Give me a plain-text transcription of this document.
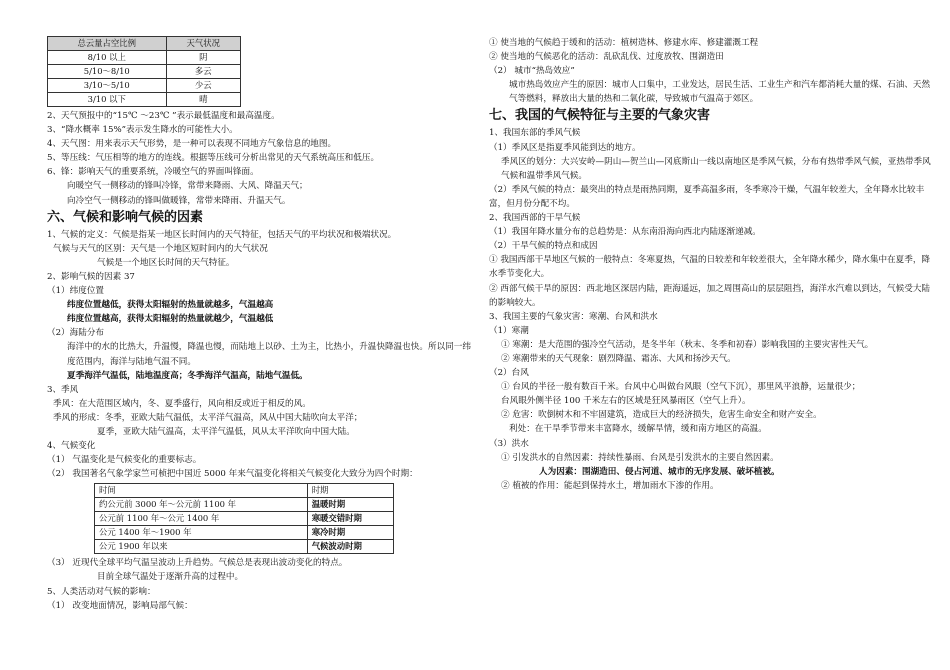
总云量占空比例	天气状况
8/10 以上	阴
5/10～8/10	多云
3/10～5/10	少云
3/10 以下	晴
2、天气预报中的“15℃ ～23℃ ”表示最低温度和最高温度。
3、“降水概率 15%”表示发生降水的可能性大小。
4、天气图：用来表示天气形势，是一种可以表现不同地方气象信息的地图。
5、等压线：气压相等的地方的连线。根据等压线可分析出常见的天气系统高压和低压。
6、锋：影响天气的重要系统，冷暖空气的界面叫锋面。
向暖空气一侧移动的锋叫冷锋，常带来降雨、大风、降温天气；
向冷空气一侧移动的锋叫做暖锋，常带来降雨、升温天气。
六、气候和影响气候的因素
1、气候的定义：气候是指某一地区长时间内的天气特征，包括天气的平均状况和极端状况。
气候与天气的区别：天气是一个地区短时间内的大气状况
气候是一个地区长时间的天气特征。
2、影响气候的因素 37
（1）纬度位置
纬度位置越低，获得太阳辐射的热量就越多，气温越高
纬度位置越高，获得太阳辐射的热量就越少，气温越低
（2）海陆分布
海洋中的水的比热大，升温慢，降温也慢，而陆地上以砂、土为主，比热小，升温快降温也快。所以同一纬度范围内，海洋与陆地气温不同。
夏季海洋气温低，陆地温度高；冬季海洋气温高，陆地气温低。
3、季风
季风：在大范围区域内，冬、夏季盛行，风向相反或近于相反的风。
季风的形成：冬季，亚欧大陆气温低，太平洋气温高，风从中国大陆吹向太平洋；
夏季，亚欧大陆气温高，太平洋气温低，风从太平洋吹向中国大陆。
4、气候变化
（1） 气温变化是气候变化的重要标志。
（2） 我国著名气象学家竺可桢把中国近 5000 年来气温变化将相关气候变化大致分为四个时期：
时间	时期
约公元前 3000 年～公元前 1100 年	温暖时期
公元前 1100 年～公元 1400 年	寒暖交错时期
公元 1400 年～1900 年	寒冷时期
公元 1900 年以来	气候波动时期
（3） 近现代全球平均气温呈波动上升趋势。气候总是表现出波动变化的特点。
目前全球气温处于逐渐升高的过程中。
5、人类活动对气候的影响：
（1） 改变地面情况，影响局部气候：
① 使当地的气候趋于缓和的活动：植树造林、修建水库、修建灌溉工程
② 使当地的气候恶化的活动：乱砍乱伐、过度放牧、围湖造田
（2） 城市“热岛效应”
城市热岛效应产生的原因：城市人口集中，工业发达，居民生活、工业生产和汽车都消耗大量的煤、石油、天然气等燃料，释放出大量的热和二氧化碳，导致城市气温高于郊区。
七、我国的气候特征与主要的气象灾害
1、我国东部的季风气候
（1）季风区是指夏季风能到达的地方。
季风区的划分：大兴安岭—阴山—贺兰山—冈底斯山一线以南地区是季风气候，分布有热带季风气候，亚热带季风气候和温带季风气候。
（2）季风气候的特点：最突出的特点是雨热同期，夏季高温多雨，冬季寒冷干燥，气温年较差大，全年降水比较丰富，但月份分配不均。
2、我国西部的干旱气候
（1）我国年降水量分布的总趋势是：从东南沿海向西北内陆逐渐递减。
（2）干旱气候的特点和成因
① 我国西部干旱地区气候的一般特点：冬寒夏热，气温的日较差和年较差很大，全年降水稀少，降水集中在夏季，降水季节变化大。
② 西部气候干旱的原因：西北地区深居内陆，距海遥远，加之周围高山的层层阻挡，海洋水汽难以到达，气候受大陆的影响较大。
3、我国主要的气象灾害：寒潮、台风和洪水
（1）寒潮
① 寒潮：是大范围的强冷空气活动，是冬半年（秋末、冬季和初春）影响我国的主要灾害性天气。
② 寒潮带来的天气现象：剧烈降温、霜冻、大风和扬沙天气。
（2）台风
① 台风的半径一般有数百千米。台风中心叫做台风眼（空气下沉），那里风平浪静，运量很少；
台风眼外侧半径 100 千米左右的区域是狂风暴雨区（空气上升）。
② 危害：吹倒树木和不牢固建筑，造成巨大的经济损失，危害生命安全和财产安全。
利处：在干旱季节带来丰富降水，缓解旱情，缓和南方地区的高温。
（3）洪水
① 引发洪水的自然因素：持续性暴雨、台风是引发洪水的主要自然因素。
人为因素：围湖造田、侵占河道、城市的无序发展、破坏植被。
② 植被的作用：能起到保持水土，增加雨水下渗的作用。
